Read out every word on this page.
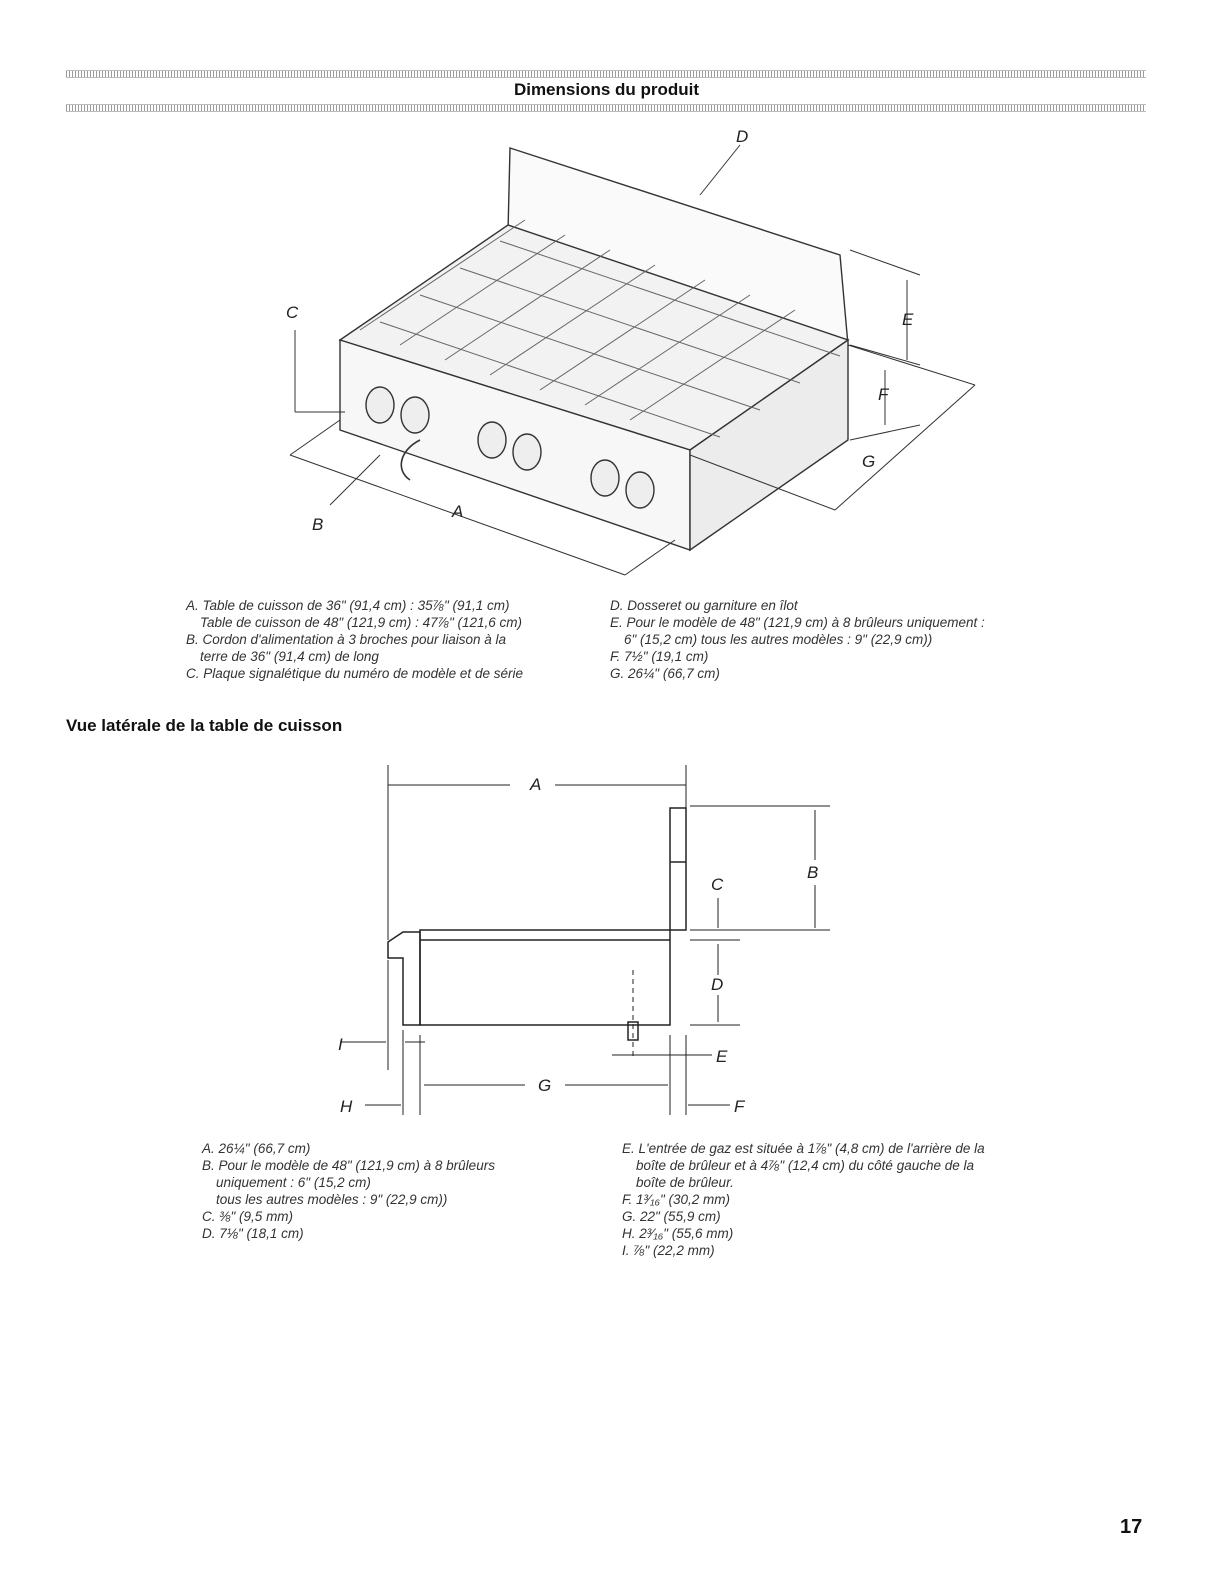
Dimensions du produit
D
C	E
F
G
A
B
A. Table de cuisson de 36" (91,4 cm) : 35⅞" (91,1 cm)
Table de cuisson de 48" (121,9 cm) : 47⅞" (121,6 cm)
B. Cordon d'alimentation à 3 broches pour liaison à la
terre de 36" (91,4 cm) de long
C. Plaque signalétique du numéro de modèle et de série
D. Dosseret ou garniture en îlot
E. Pour le modèle de 48" (121,9 cm) à 8 brûleurs uniquement :
6" (15,2 cm) tous les autres modèles : 9" (22,9 cm))
F. 7½" (19,1 cm)
G. 26¼" (66,7 cm)
Vue latérale de la table de cuisson
A
B
C
D
E
G
F
H
I
A. 26¼" (66,7 cm)
B. Pour le modèle de 48" (121,9 cm) à 8 brûleurs
uniquement : 6" (15,2 cm)
tous les autres modèles : 9" (22,9 cm))
C. ⅜" (9,5 mm)
D. 7⅛" (18,1 cm)
E. L'entrée de gaz est située à 1⅞" (4,8 cm) de l'arrière de la
boîte de brûleur et à 4⅞" (12,4 cm) du côté gauche de la
boîte de brûleur.
F. 1³⁄₁₆" (30,2 mm)
G. 22" (55,9 cm)
H. 2³⁄₁₆" (55,6 mm)
I. ⅞" (22,2 mm)
17
